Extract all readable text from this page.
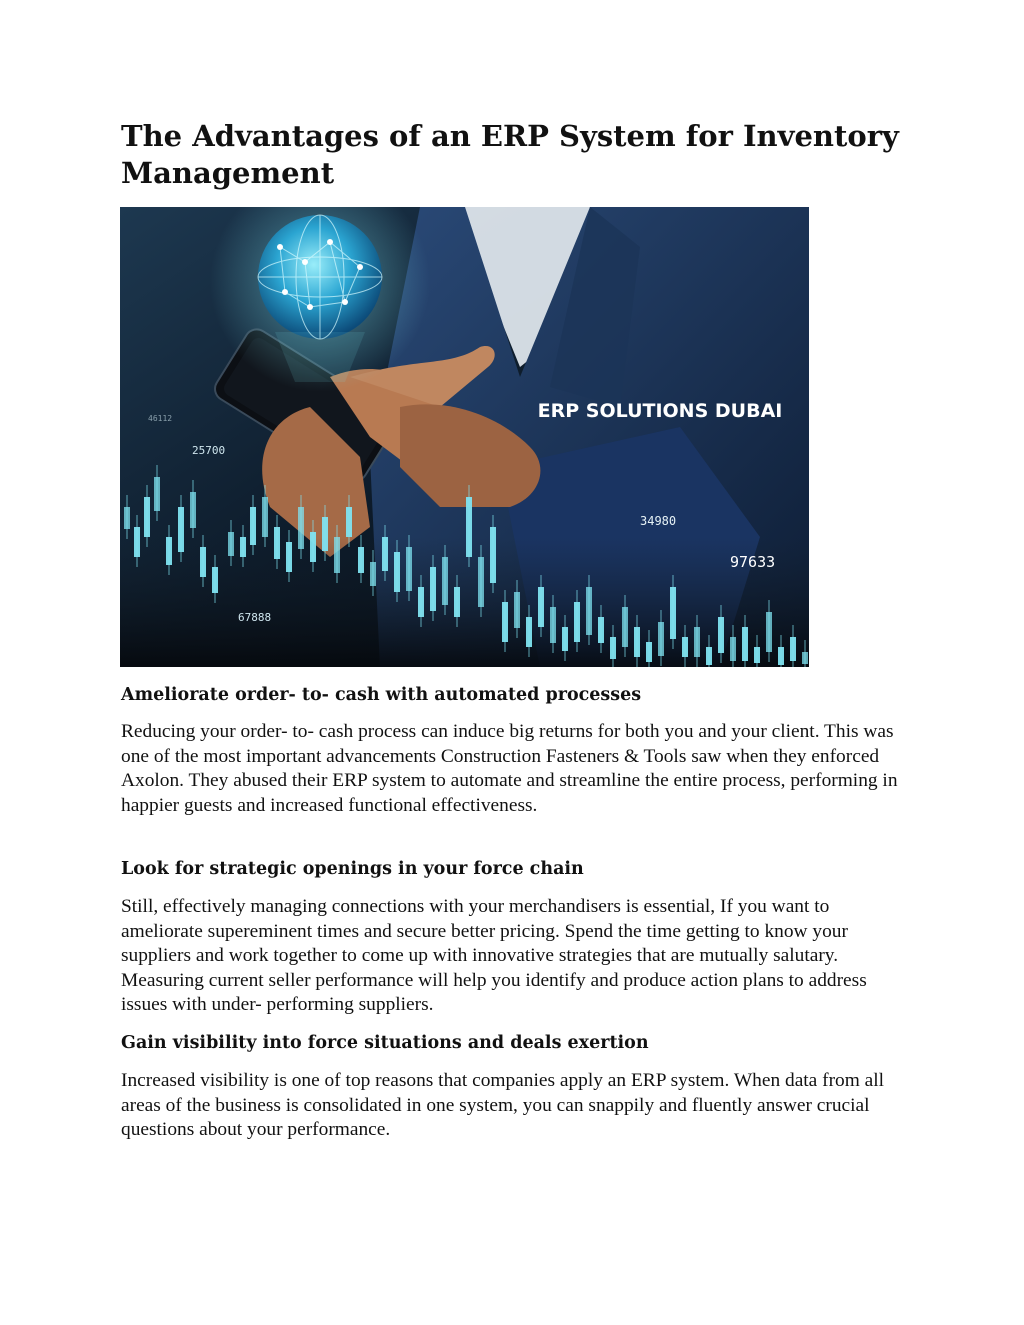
The Advantages of an ERP System for Inventory Management
ERP SOLUTIONS DUBAI
25700
34980
97633
67888
46112
Ameliorate order- to- cash with automated processes

Reducing your order- to- cash process can induce big returns for both you and your client. This was one of the most important advancements Construction Fasteners & Tools saw when they enforced Axolon. They abused their ERP system to automate and streamline the entire process, performing in happier guests and increased functional effectiveness.

Look for strategic openings in your force chain

Still, effectively managing connections with your merchandisers is essential, If you want to ameliorate supereminent times and secure better pricing. Spend the time getting to know your suppliers and work together to come up with innovative strategies that are mutually salutary. Measuring current seller performance will help you identify and produce action plans to address issues with under- performing suppliers.

Gain visibility into force situations and deals exertion

Increased visibility is one of top reasons that companies apply an ERP system. When data from all areas of the business is consolidated in one system, you can snappily and fluently answer crucial questions about your performance.
